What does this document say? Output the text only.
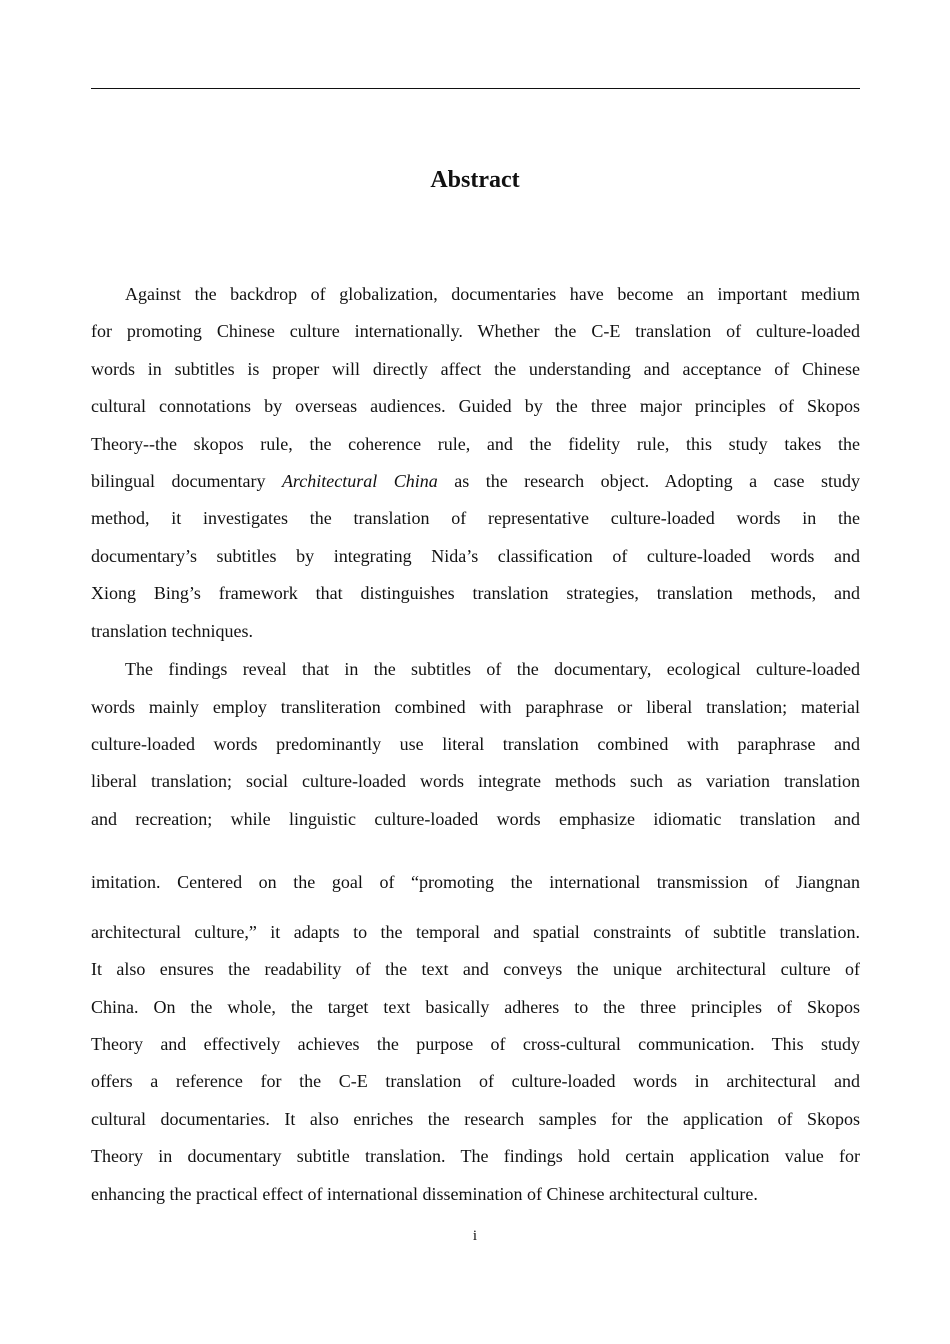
Abstract

Against the backdrop of globalization, documentaries have become an important medium
for promoting Chinese culture internationally. Whether the C-E translation of culture-loaded
words in subtitles is proper will directly affect the understanding and acceptance of Chinese
cultural connotations by overseas audiences. Guided by the three major principles of Skopos
Theory--the skopos rule, the coherence rule, and the fidelity rule, this study takes the
bilingual documentary Architectural China as the research object. Adopting a case study
method, it investigates the translation of representative culture-loaded words in the
documentary’s subtitles by integrating Nida’s classification of culture-loaded words and
Xiong Bing’s framework that distinguishes translation strategies, translation methods, and
translation techniques.

The findings reveal that in the subtitles of the documentary, ecological culture-loaded
words mainly employ transliteration combined with paraphrase or liberal translation; material
culture-loaded words predominantly use literal translation combined with paraphrase and
liberal translation; social culture-loaded words integrate methods such as variation translation
and recreation; while linguistic culture-loaded words emphasize idiomatic translation and
imitation. Centered on the goal of “promoting the international transmission of Jiangnan
architectural culture,” it adapts to the temporal and spatial constraints of subtitle translation.
It also ensures the readability of the text and conveys the unique architectural culture of
China. On the whole, the target text basically adheres to the three principles of Skopos
Theory and effectively achieves the purpose of cross-cultural communication. This study
offers a reference for the C-E translation of culture-loaded words in architectural and
cultural documentaries. It also enriches the research samples for the application of Skopos
Theory in documentary subtitle translation. The findings hold certain application value for
enhancing the practical effect of international dissemination of Chinese architectural culture.

i
